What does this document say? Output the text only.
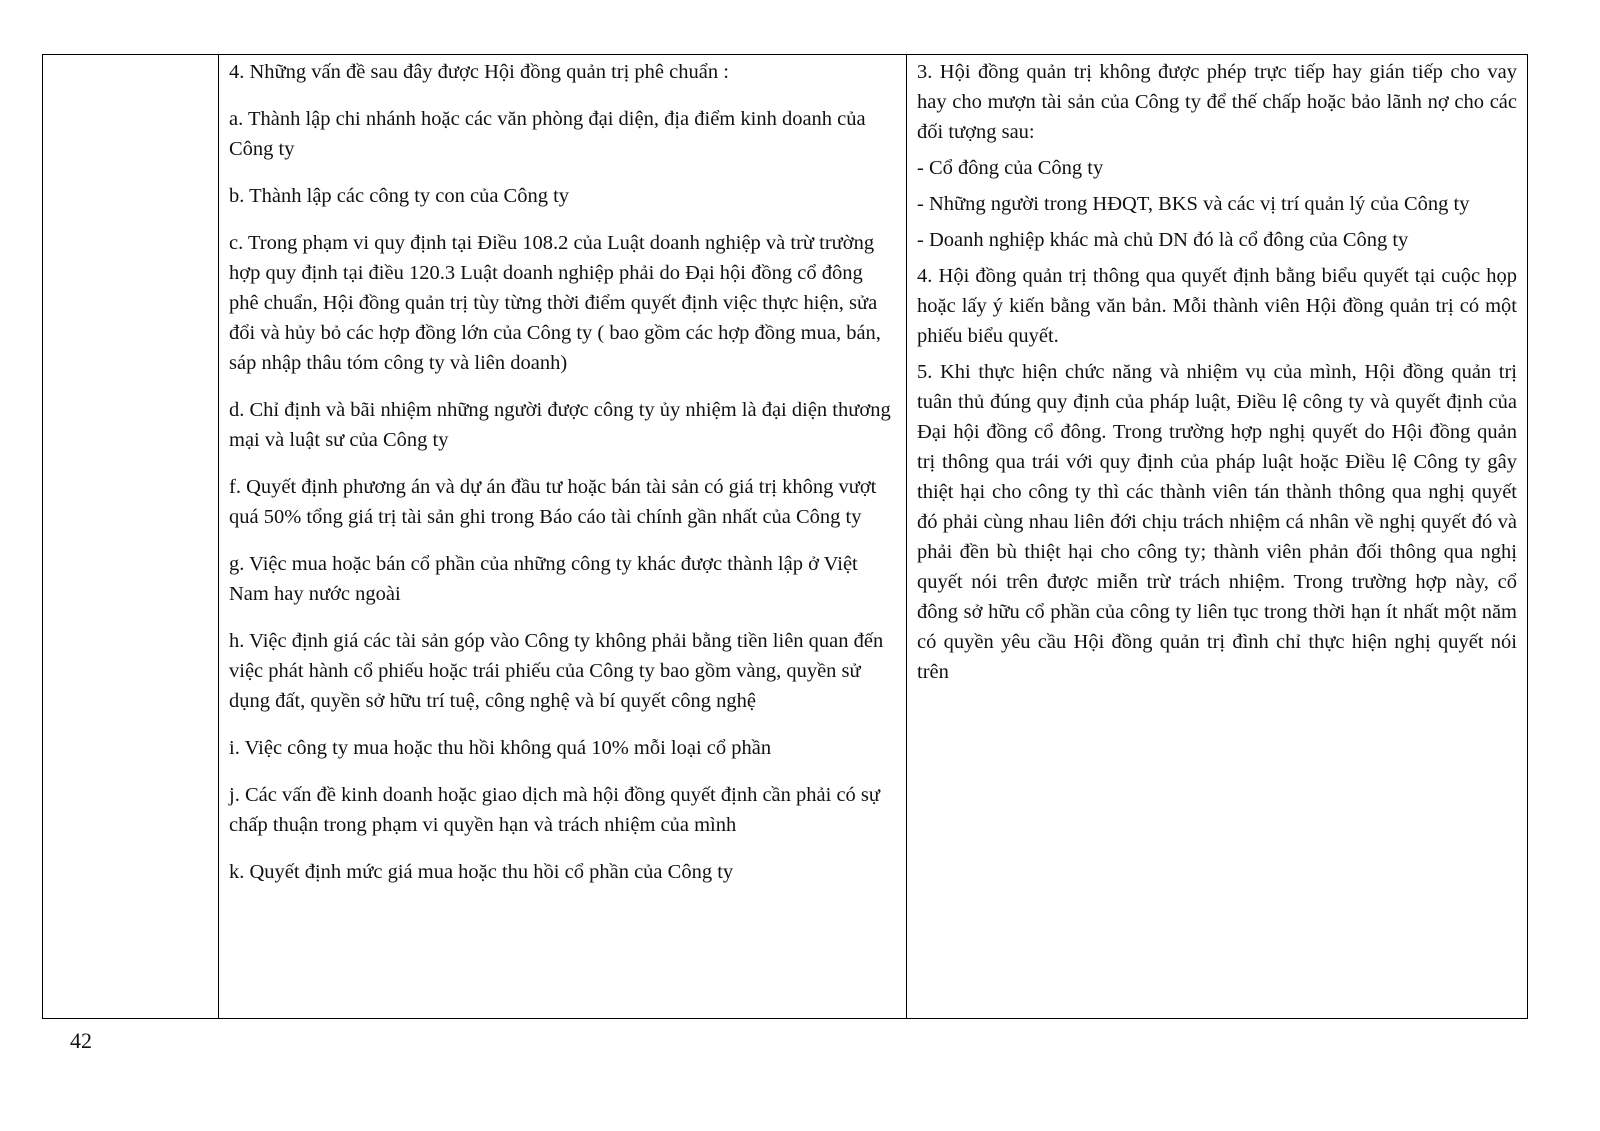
4. Những vấn đề sau đây được Hội đồng quản trị phê chuẩn :

a. Thành lập chi nhánh hoặc các văn phòng đại diện, địa điểm kinh doanh của Công ty

b. Thành lập các công ty con của Công ty

c. Trong phạm vi quy định tại Điều 108.2 của Luật doanh nghiệp và trừ trường hợp quy định tại điều 120.3 Luật doanh nghiệp phải do Đại hội đồng cổ đông phê chuẩn, Hội đồng quản trị tùy từng thời điểm quyết định việc thực hiện, sửa đổi và hủy bỏ các hợp đồng lớn của Công ty ( bao gồm các hợp đồng mua, bán, sáp nhập thâu tóm công ty và liên doanh)

d. Chỉ định và bãi nhiệm những người được công ty ủy nhiệm là đại diện thương mại và luật sư của Công ty

f. Quyết định phương án và dự án đầu tư hoặc bán tài sản có giá trị không vượt quá 50% tổng giá trị tài sản ghi trong Báo cáo tài chính gần nhất của Công ty

g. Việc mua hoặc bán cổ phần của những công ty khác được thành lập ở Việt Nam hay nước ngoài

h. Việc định giá các tài sản góp vào Công ty không phải bằng tiền liên quan đến việc phát hành cổ phiếu hoặc trái phiếu của Công ty bao gồm vàng, quyền sử dụng đất, quyền sở hữu trí tuệ, công nghệ và bí quyết công nghệ

i. Việc công ty mua hoặc thu hồi không quá 10% mỗi loại cổ phần

j. Các vấn đề kinh doanh hoặc giao dịch mà hội đồng quyết định cần phải có sự chấp thuận trong phạm vi quyền hạn và trách nhiệm của mình

k. Quyết định mức giá mua hoặc thu hồi cổ phần của Công ty

3. Hội đồng quản trị không được phép trực tiếp hay gián tiếp cho vay hay cho mượn tài sản của Công ty để thế chấp hoặc bảo lãnh nợ cho các đối tượng sau:

- Cổ đông của Công ty

- Những người trong HĐQT, BKS và các vị trí quản lý của Công ty

- Doanh nghiệp khác mà chủ DN đó là cổ đông của Công ty

4. Hội đồng quản trị thông qua quyết định bằng biểu quyết tại cuộc họp hoặc lấy ý kiến bằng văn bản. Mỗi thành viên Hội đồng quản trị có một phiếu biểu quyết.

5. Khi thực hiện chức năng và nhiệm vụ của mình, Hội đồng quản trị tuân thủ đúng quy định của pháp luật, Điều lệ công ty và quyết định của Đại hội đồng cổ đông. Trong trường hợp nghị quyết do Hội đồng quản trị thông qua trái với quy định của pháp luật hoặc Điều lệ Công ty gây thiệt hại cho công ty thì các thành viên tán thành thông qua nghị quyết đó phải cùng nhau liên đới chịu trách nhiệm cá nhân về nghị quyết đó và phải đền bù thiệt hại cho công ty; thành viên phản đối thông qua nghị quyết nói trên được miễn trừ trách nhiệm. Trong trường hợp này, cổ đông sở hữu cổ phần của công ty liên tục trong thời hạn ít nhất một năm có quyền yêu cầu Hội đồng quản trị đình chỉ thực hiện nghị quyết nói trên

42
